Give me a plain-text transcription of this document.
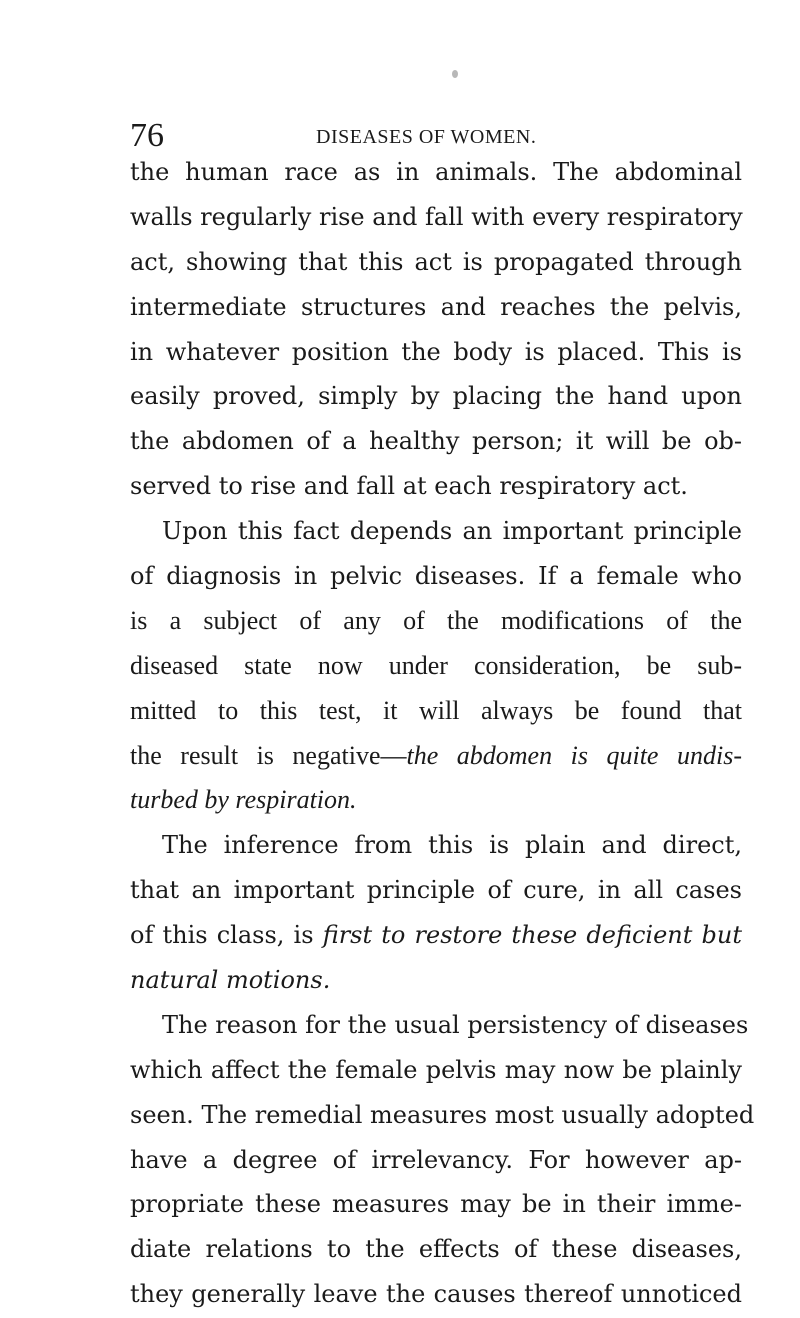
76	DISEASES OF WOMEN.
the human race as in animals. The abdominal
walls regularly rise and fall with every respiratory
act, showing that this act is propagated through
intermediate structures and reaches the pelvis,
in whatever position the body is placed. This is
easily proved, simply by placing the hand upon
the abdomen of a healthy person; it will be ob-
served to rise and fall at each respiratory act.
Upon this fact depends an important principle
of diagnosis in pelvic diseases. If a female who
is a subject of any of the modifications of the
diseased state now under consideration, be sub-
mitted to this test, it will always be found that
the result is negative—the abdomen is quite undis-
turbed by respiration.
The inference from this is plain and direct,
that an important principle of cure, in all cases
of this class, is first to restore these deficient but
natural motions.
The reason for the usual persistency of diseases
which affect the female pelvis may now be plainly
seen. The remedial measures most usually adopted
have a degree of irrelevancy. For however ap-
propriate these measures may be in their imme-
diate relations to the effects of these diseases,
they generally leave the causes thereof unnoticed
